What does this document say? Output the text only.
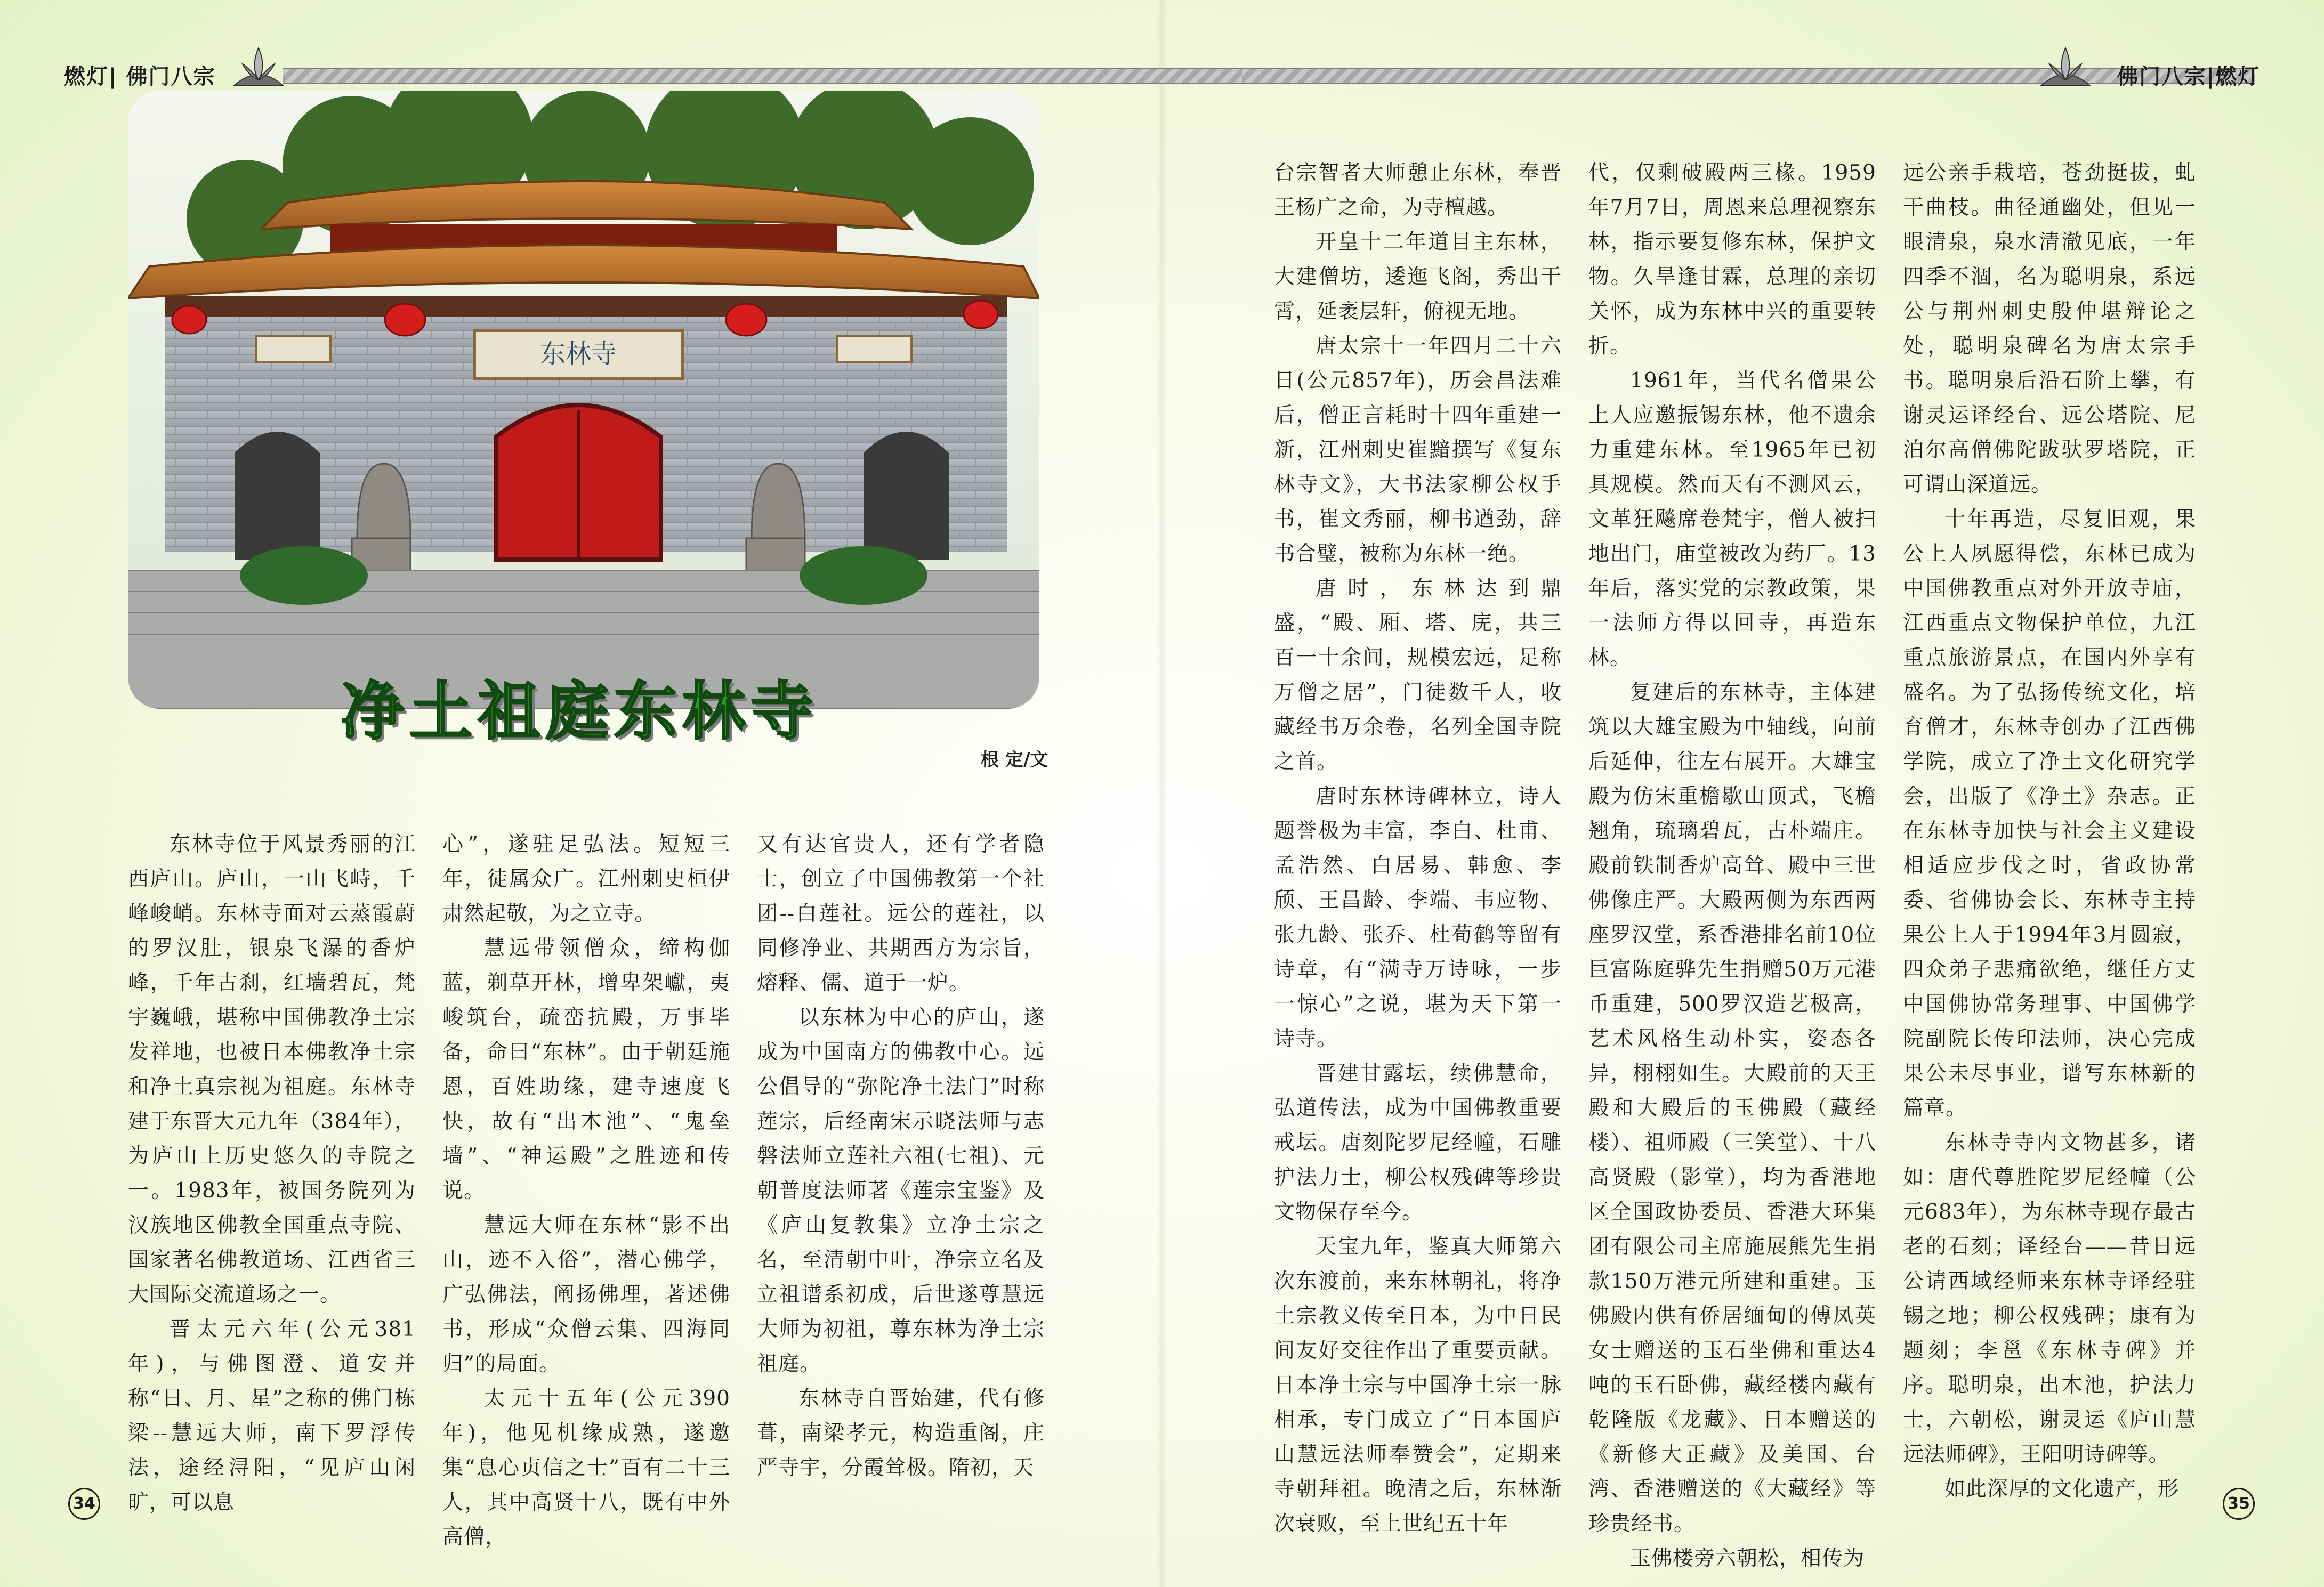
燃灯| 佛门八宗	佛门八宗|燃灯
东林寺
净土祖庭东林寺
根 定/文

东林寺位于风景秀丽的江西庐山。庐山，一山飞峙，千峰峻峭。东林寺面对云蒸霞蔚的罗汉肚，银泉飞瀑的香炉峰，千年古刹，红墙碧瓦，梵宇巍峨，堪称中国佛教净土宗发祥地，也被日本佛教净土宗和净土真宗视为祖庭。东林寺建于东晋大元九年（384年），为庐山上历史悠久的寺院之一。1983年，被国务院列为汉族地区佛教全国重点寺院、国家著名佛教道场、江西省三大国际交流道场之一。

晋太元六年(公元381年)，与佛图澄、道安并称“日、月、星”之称的佛门栋梁--慧远大师，南下罗浮传法，途经浔阳，“见庐山闲旷，可以息

心”，遂驻足弘法。短短三年，徒属众广。江州刺史桓伊肃然起敬，为之立寺。

慧远带领僧众，缔构伽蓝，剃草开林，增卑架巘，夷峻筑台，疏峦抗殿，万事毕备，命曰“东林”。由于朝廷施恩，百姓助缘，建寺速度飞快，故有“出木池”、“鬼垒墙”、“神运殿”之胜迹和传说。

慧远大师在东林“影不出山，迹不入俗”，潜心佛学，广弘佛法，阐扬佛理，著述佛书，形成“众僧云集、四海同归”的局面。

太元十五年(公元390年)，他见机缘成熟，遂邀集“息心贞信之士”百有二十三 人，其中高贤十八，既有中外高僧，

又有达官贵人，还有学者隐士，创立了中国佛教第一个社团--白莲社。远公的莲社，以同修净业、共期西方为宗旨，熔释、儒、道于一炉。

以东林为中心的庐山，遂成为中国南方的佛教中心。远公倡导的“弥陀净土法门”时称莲宗，后经南宋示晓法师与志磐法师立莲社六祖(七祖)、元朝普度法师著《莲宗宝鉴》及《庐山复教集》立净土宗之名，至清朝中叶，净宗立名及立祖谱系初成，后世遂尊慧远大师为初祖，尊东林为净土宗祖庭。

东林寺自晋始建，代有修葺，南梁孝元，构造重阁，庄严寺宇，分霞耸极。隋初，天

台宗智者大师憩止东林，奉晋王杨广之命，为寺檀越。

开皇十二年道目主东林，大建僧坊，逶迤飞阁，秀出干霄，延袤层轩，俯视无地。

唐太宗十一年四月二十六日(公元857年)，历会昌法难后，僧正言耗时十四年重建一新，江州刺史崔黯撰写《复东林寺文》，大书法家柳公权手书，崔文秀丽，柳书遒劲，辞书合璧，被称为东林一绝。

唐时，东林达到鼎盛，“殿、厢、塔、庑，共三百一十余间，规模宏远，足称万僧之居”，门徒数千人，收藏经书万余卷，名列全国寺院之首。

唐时东林诗碑林立，诗人题誉极为丰富，李白、杜甫、孟浩然、白居易、韩愈、李颀、王昌龄、李端、韦应物、张九龄、张乔、杜荀鹤等留有诗章，有“满寺万诗咏，一步一惊心”之说，堪为天下第一诗寺。

晋建甘露坛，续佛慧命，弘道传法，成为中国佛教重要戒坛。唐刻陀罗尼经幢，石雕护法力士，柳公权残碑等珍贵文物保存至今。

天宝九年，鉴真大师第六次东渡前，来东林朝礼，将净土宗教义传至日本，为中日民间友好交往作出了重要贡献。日本净土宗与中国净土宗一脉相承，专门成立了“日本国庐山慧远法师奉赞会”，定期来寺朝拜祖。晚清之后，东林渐次衰败，至上世纪五十年

代，仅剩破殿两三椽。1959年7月7日，周恩来总理视察东林，指示要复修东林，保护文物。久旱逢甘霖，总理的亲切关怀，成为东林中兴的重要转折。

1961年，当代名僧果公上人应邀振锡东林，他不遗余力重建东林。至1965年已初具规模。然而天有不测风云，文革狂飚席卷梵宇，僧人被扫地出门，庙堂被改为药厂。13年后，落实党的宗教政策，果一法师方得以回寺，再造东林。

复建后的东林寺，主体建筑以大雄宝殿为中轴线，向前后延伸，往左右展开。大雄宝殿为仿宋重檐歇山顶式，飞檐翘角，琉璃碧瓦，古朴端庄。殿前铁制香炉高耸、殿中三世佛像庄严。大殿两侧为东西两座罗汉堂，系香港排名前10位巨富陈庭骅先生捐赠50万元港币重建，500罗汉造艺极高，艺术风格生动朴实，姿态各异，栩栩如生。大殿前的天王殿和大殿后的玉佛殿（藏经楼）、祖师殿（三笑堂）、十八高贤殿（影堂），均为香港地区全国政协委员、香港大环集团有限公司主席施展熊先生捐款150万港元所建和重建。玉佛殿内供有侨居缅甸的傅凤英女士赠送的玉石坐佛和重达4吨的玉石卧佛，藏经楼内藏有乾隆版《龙藏》、日本赠送的《新修大正藏》及美国、台湾、香港赠送的《大藏经》等珍贵经书。

玉佛楼旁六朝松，相传为

远公亲手栽培，苍劲挺拔，虬干曲枝。曲径通幽处，但见一眼清泉，泉水清澈见底，一年四季不涸，名为聪明泉，系远公与荆州刺史殷仲堪辩论之处，聪明泉碑名为唐太宗手书。聪明泉后沿石阶上攀，有谢灵运译经台、远公塔院、尼泊尔高僧佛陀跋驮罗塔院，正可谓山深道远。

十年再造，尽复旧观，果公上人夙愿得偿，东林已成为中国佛教重点对外开放寺庙，江西重点文物保护单位，九江重点旅游景点，在国内外享有盛名。为了弘扬传统文化，培育僧才，东林寺创办了江西佛学院，成立了净土文化研究学会，出版了《净土》杂志。正在东林寺加快与社会主义建设相适应步伐之时，省政协常委、省佛协会长、东林寺主持果公上人于1994年3月圆寂，四众弟子悲痛欲绝，继任方丈中国佛协常务理事、中国佛学院副院长传印法师，决心完成果公未尽事业，谱写东林新的篇章。

东林寺寺内文物甚多，诸如：唐代尊胜陀罗尼经幢（公元683年），为东林寺现存最古老的石刻；译经台——昔日远公请西域经师来东林寺译经驻锡之地；柳公权残碑；康有为题刻；李邕《东林寺碑》并序。聪明泉，出木池，护法力士，六朝松，谢灵运《庐山慧远法师碑》，王阳明诗碑等。

如此深厚的文化遗产，形

34	35
